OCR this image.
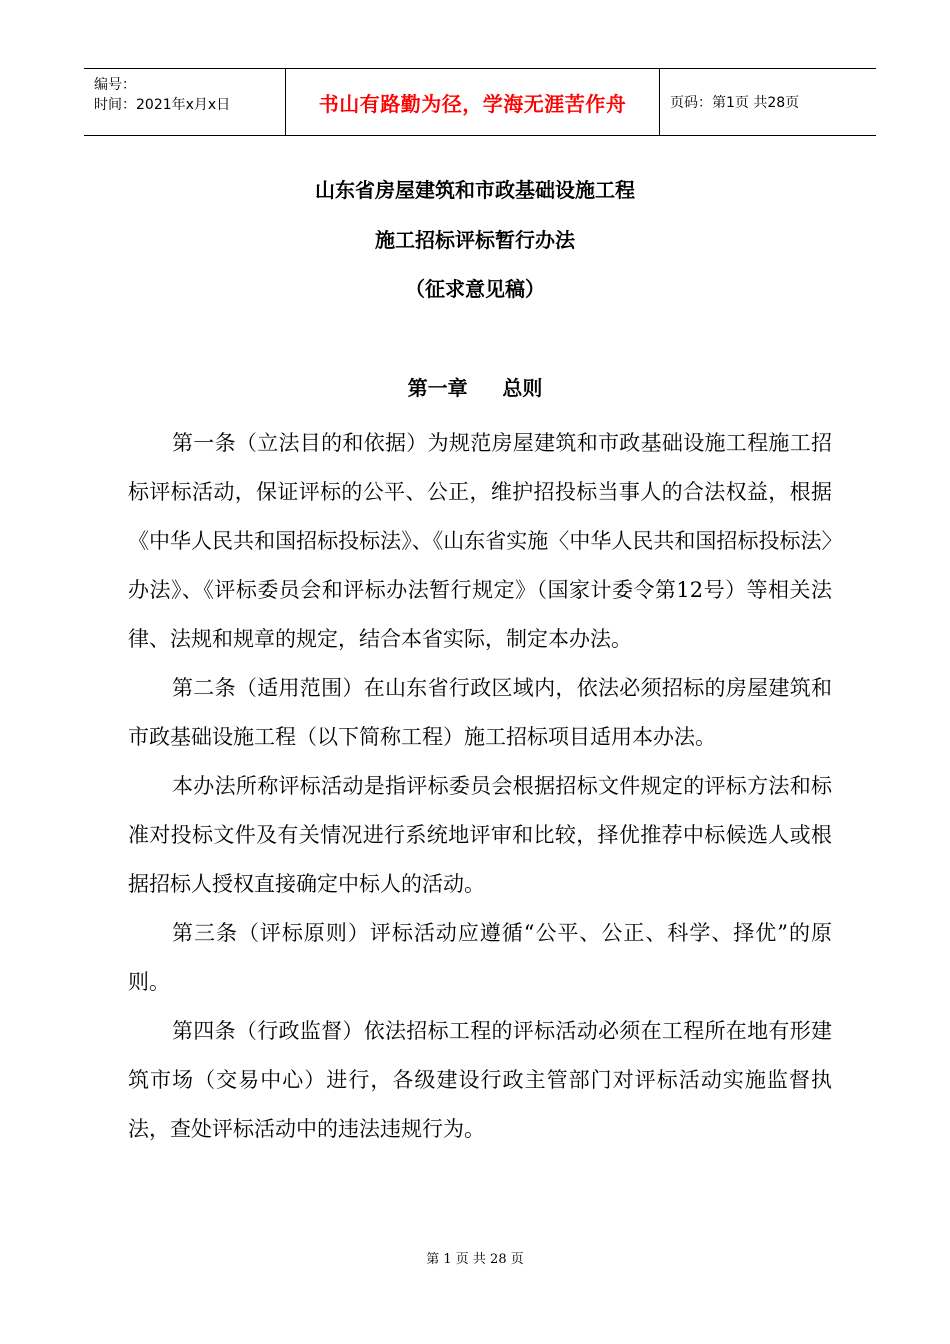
编号：
时间：2021年x月x日	书山有路勤为径，学海无涯苦作舟	页码：第1页 共28页
山东省房屋建筑和市政基础设施工程
施工招标评标暂行办法
（征求意见稿）
第一章     总则

第一条（立法目的和依据）为规范房屋建筑和市政基础设施工程施工招标评标活动，保证评标的公平、公正，维护招投标当事人的合法权益，根据《中华人民共和国招标投标法》、《山东省实施〈中华人民共和国招标投标法〉办法》、《评标委员会和评标办法暂行规定》（国家计委令第12号）等相关法律、法规和规章的规定，结合本省实际，制定本办法。

第二条（适用范围）在山东省行政区域内，依法必须招标的房屋建筑和市政基础设施工程（以下简称工程）施工招标项目适用本办法。

本办法所称评标活动是指评标委员会根据招标文件规定的评标方法和标准对投标文件及有关情况进行系统地评审和比较，择优推荐中标候选人或根据招标人授权直接确定中标人的活动。

第三条（评标原则）评标活动应遵循“公平、公正、科学、择优”的原则。

第四条（行政监督）依法招标工程的评标活动必须在工程所在地有形建筑市场（交易中心）进行，各级建设行政主管部门对评标活动实施监督执法，查处评标活动中的违法违规行为。

第 1 页 共 28 页
